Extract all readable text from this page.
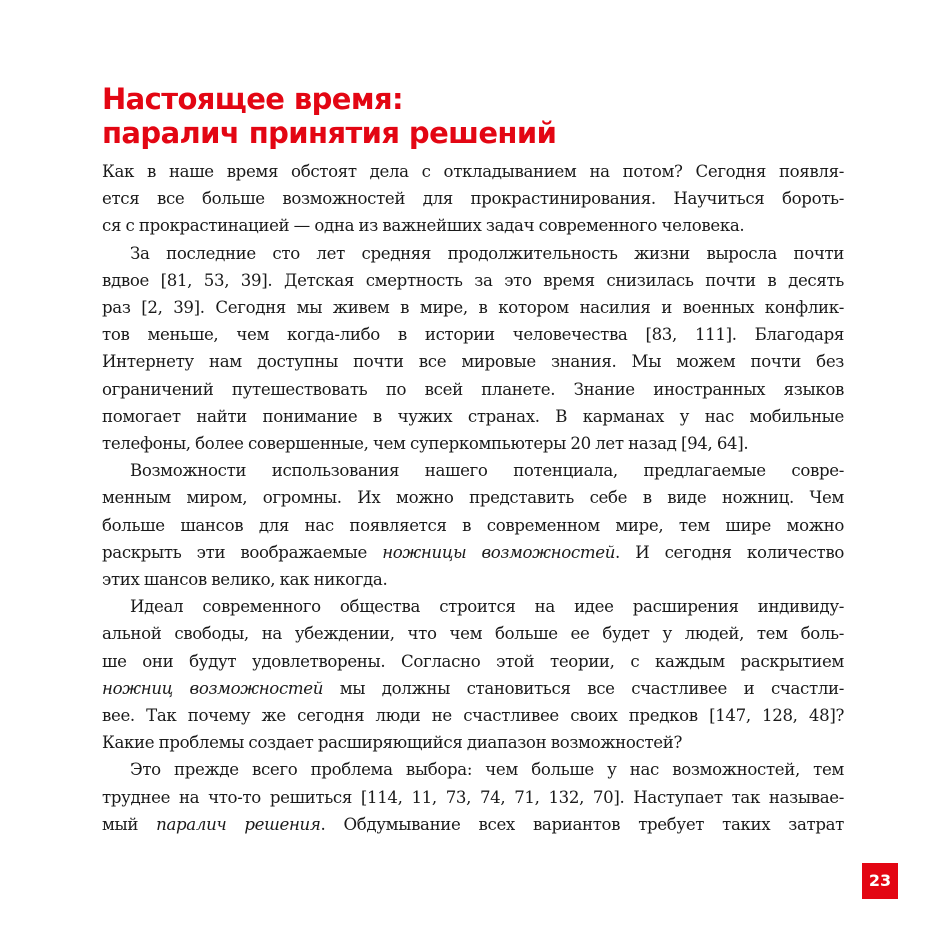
Настоящее время:
паралич принятия решений

Как в наше время обстоят дела с откладыванием на потом? Сегодня появля-
ется все больше возможностей для прокрастинирования. Научиться бороть-
ся с прокрастинацией — одна из важнейших задач современного человека.

За последние сто лет средняя продолжительность жизни выросла почти
вдвое [81, 53, 39]. Детская смертность за это время снизилась почти в десять
раз [2, 39]. Сегодня мы живем в мире, в котором насилия и военных конфлик-
тов меньше, чем когда-либо в истории человечества [83, 111]. Благодаря
Интернету нам доступны почти все мировые знания. Мы можем почти без
ограничений путешествовать по всей планете. Знание иностранных языков
помогает найти понимание в чужих странах. В карманах у нас мобильные
телефоны, более совершенные, чем суперкомпьютеры 20 лет назад [94, 64].

Возможности использования нашего потенциала, предлагаемые совре-
менным миром, огромны. Их можно представить себе в виде ножниц. Чем
больше шансов для нас появляется в современном мире, тем шире можно
раскрыть эти воображаемые ножницы возможностей. И сегодня количество
этих шансов велико, как никогда.

Идеал современного общества строится на идее расширения индивиду-
альной свободы, на убеждении, что чем больше ее будет у людей, тем боль-
ше они будут удовлетворены. Согласно этой теории, с каждым раскрытием
ножниц возможностей мы должны становиться все счастливее и счастли-
вее. Так почему же сегодня люди не счастливее своих предков [147, 128, 48]?
Какие проблемы создает расширяющийся диапазон возможностей?

Это прежде всего проблема выбора: чем больше у нас возможностей, тем
труднее на что-то решиться [114, 11, 73, 74, 71, 132, 70]. Наступает так называе-
мый паралич решения. Обдумывание всех вариантов требует таких затрат

23
